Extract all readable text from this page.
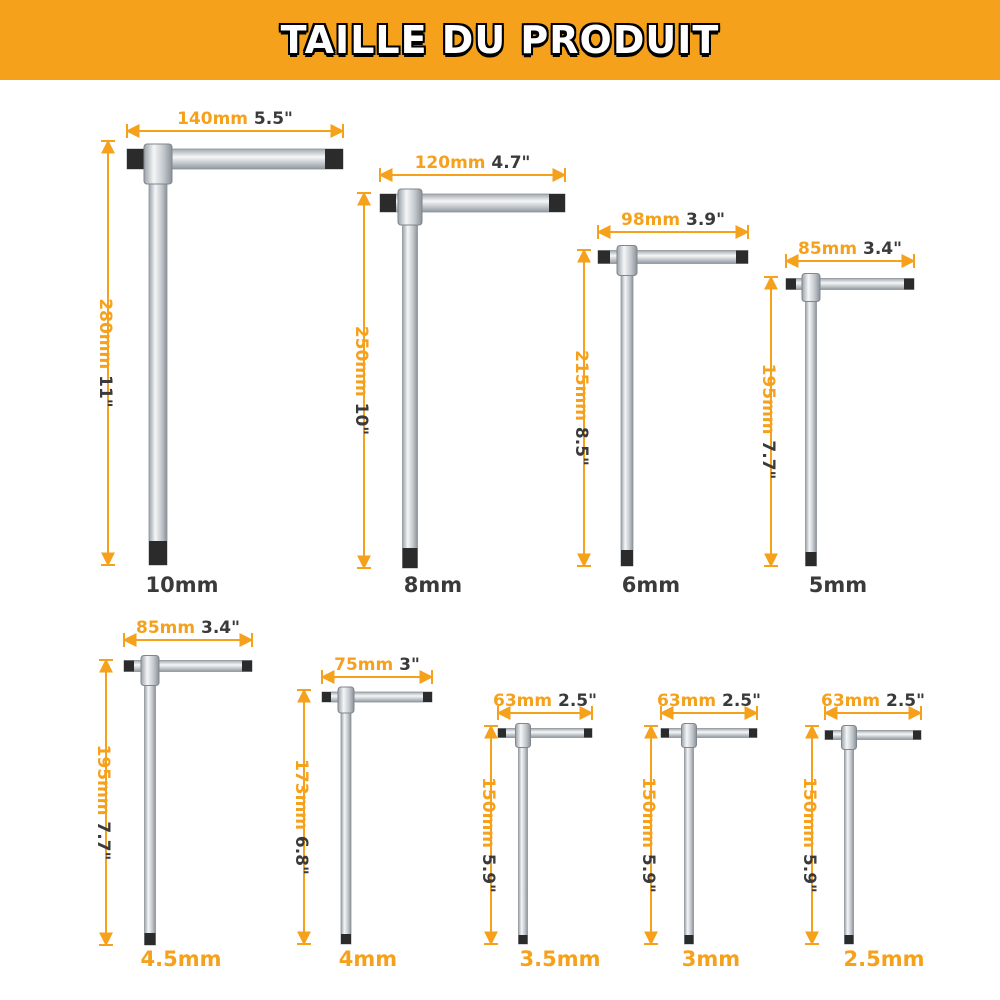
TAILLE DU PRODUIT
140mm 5.5"
280mm 11"
10mm
120mm 4.7"
250mm 10"
8mm
98mm 3.9"
215mm 8.5"
6mm
85mm 3.4"
195mm 7.7"
5mm
85mm 3.4"
195mm 7.7"
4.5mm
75mm 3"
173mm 6.8"
4mm
63mm 2.5"
150mm 5.9"
3.5mm
63mm 2.5"
150mm 5.9"
3mm
63mm 2.5"
150mm 5.9"
2.5mm
